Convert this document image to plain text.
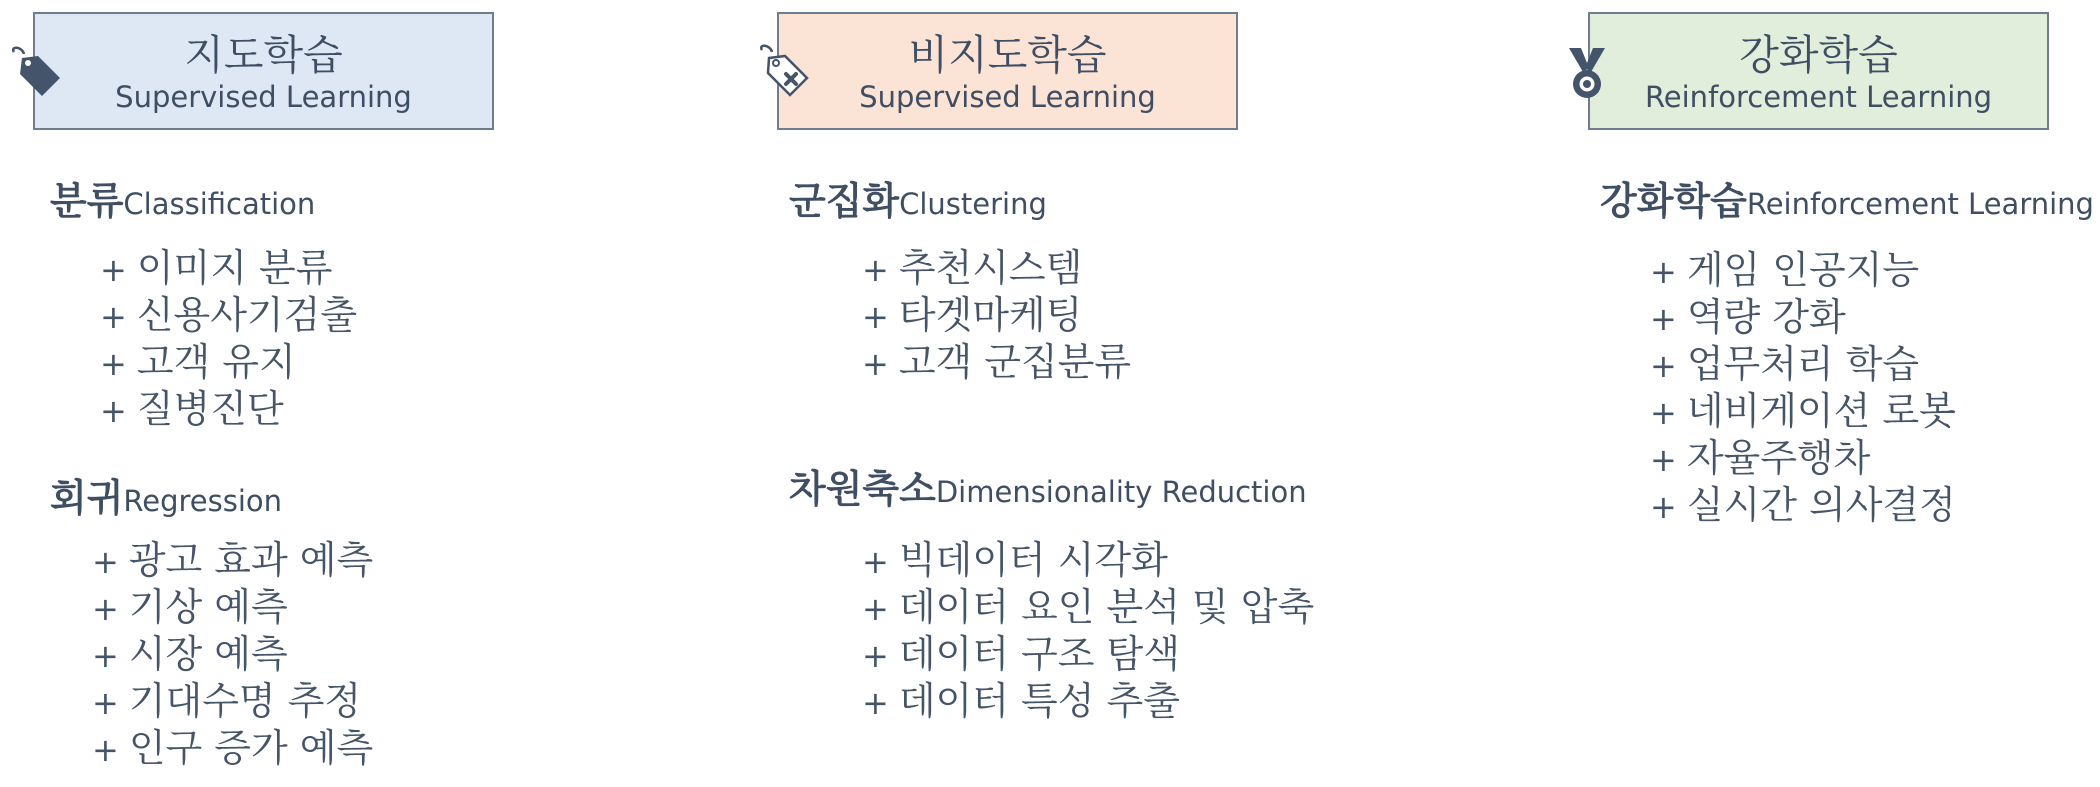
지도학습
Supervised Learning
비지도학습
Supervised Learning
강화학습
Reinforcement Learning
분류Classification
+ 이미지 분류
+ 신용사기검출
+ 고객 유지
+ 질병진단
회귀Regression
+ 광고 효과 예측
+ 기상 예측
+ 시장 예측
+ 기대수명 추정
+ 인구 증가 예측
군집화Clustering
+ 추천시스템
+ 타겟마케팅
+ 고객 군집분류
차원축소Dimensionality Reduction
+ 빅데이터 시각화
+ 데이터 요인 분석 및 압축
+ 데이터 구조 탐색
+ 데이터 특성 추출
강화학습Reinforcement Learning
+ 게임 인공지능
+ 역량 강화
+ 업무처리 학습
+ 네비게이션 로봇
+ 자율주행차
+ 실시간 의사결정
